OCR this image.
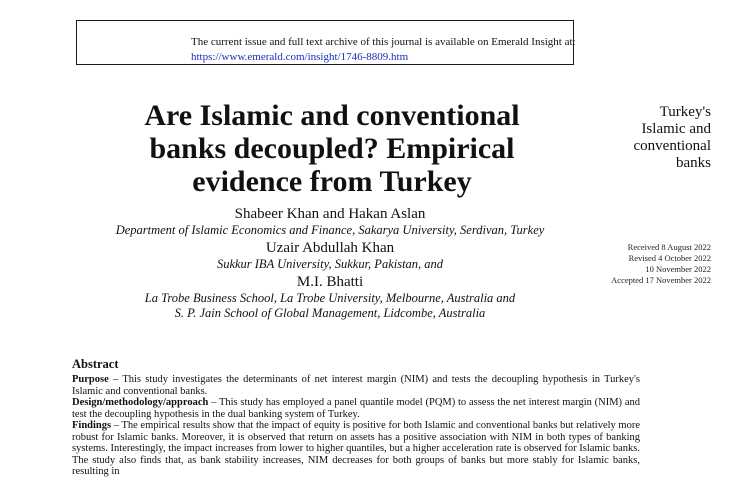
The current issue and full text archive of this journal is available on Emerald Insight at:
https://www.emerald.com/insight/1746-8809.htm
Are Islamic and conventional
banks decoupled? Empirical
evidence from Turkey
Turkey's
Islamic and
conventional
banks
Received 8 August 2022
Revised 4 October 2022
10 November 2022
Accepted 17 November 2022
Shabeer Khan and Hakan Aslan
Department of Islamic Economics and Finance, Sakarya University, Serdivan, Turkey
Uzair Abdullah Khan
Sukkur IBA University, Sukkur, Pakistan, and
M.I. Bhatti
La Trobe Business School, La Trobe University, Melbourne, Australia and
S. P. Jain School of Global Management, Lidcombe, Australia
Abstract

Purpose – This study investigates the determinants of net interest margin (NIM) and tests the decoupling hypothesis in Turkey's Islamic and conventional banks.

Design/methodology/approach – This study has employed a panel quantile model (PQM) to assess the net interest margin (NIM) and test the decoupling hypothesis in the dual banking system of Turkey.

Findings – The empirical results show that the impact of equity is positive for both Islamic and conventional banks but relatively more robust for Islamic banks. Moreover, it is observed that return on assets has a positive association with NIM in both types of banking systems. Interestingly, the impact increases from lower to higher quantiles, but a higher acceleration rate is observed for Islamic banks. The study also finds that, as bank stability increases, NIM decreases for both groups of banks but more stably for Islamic banks, resulting in
